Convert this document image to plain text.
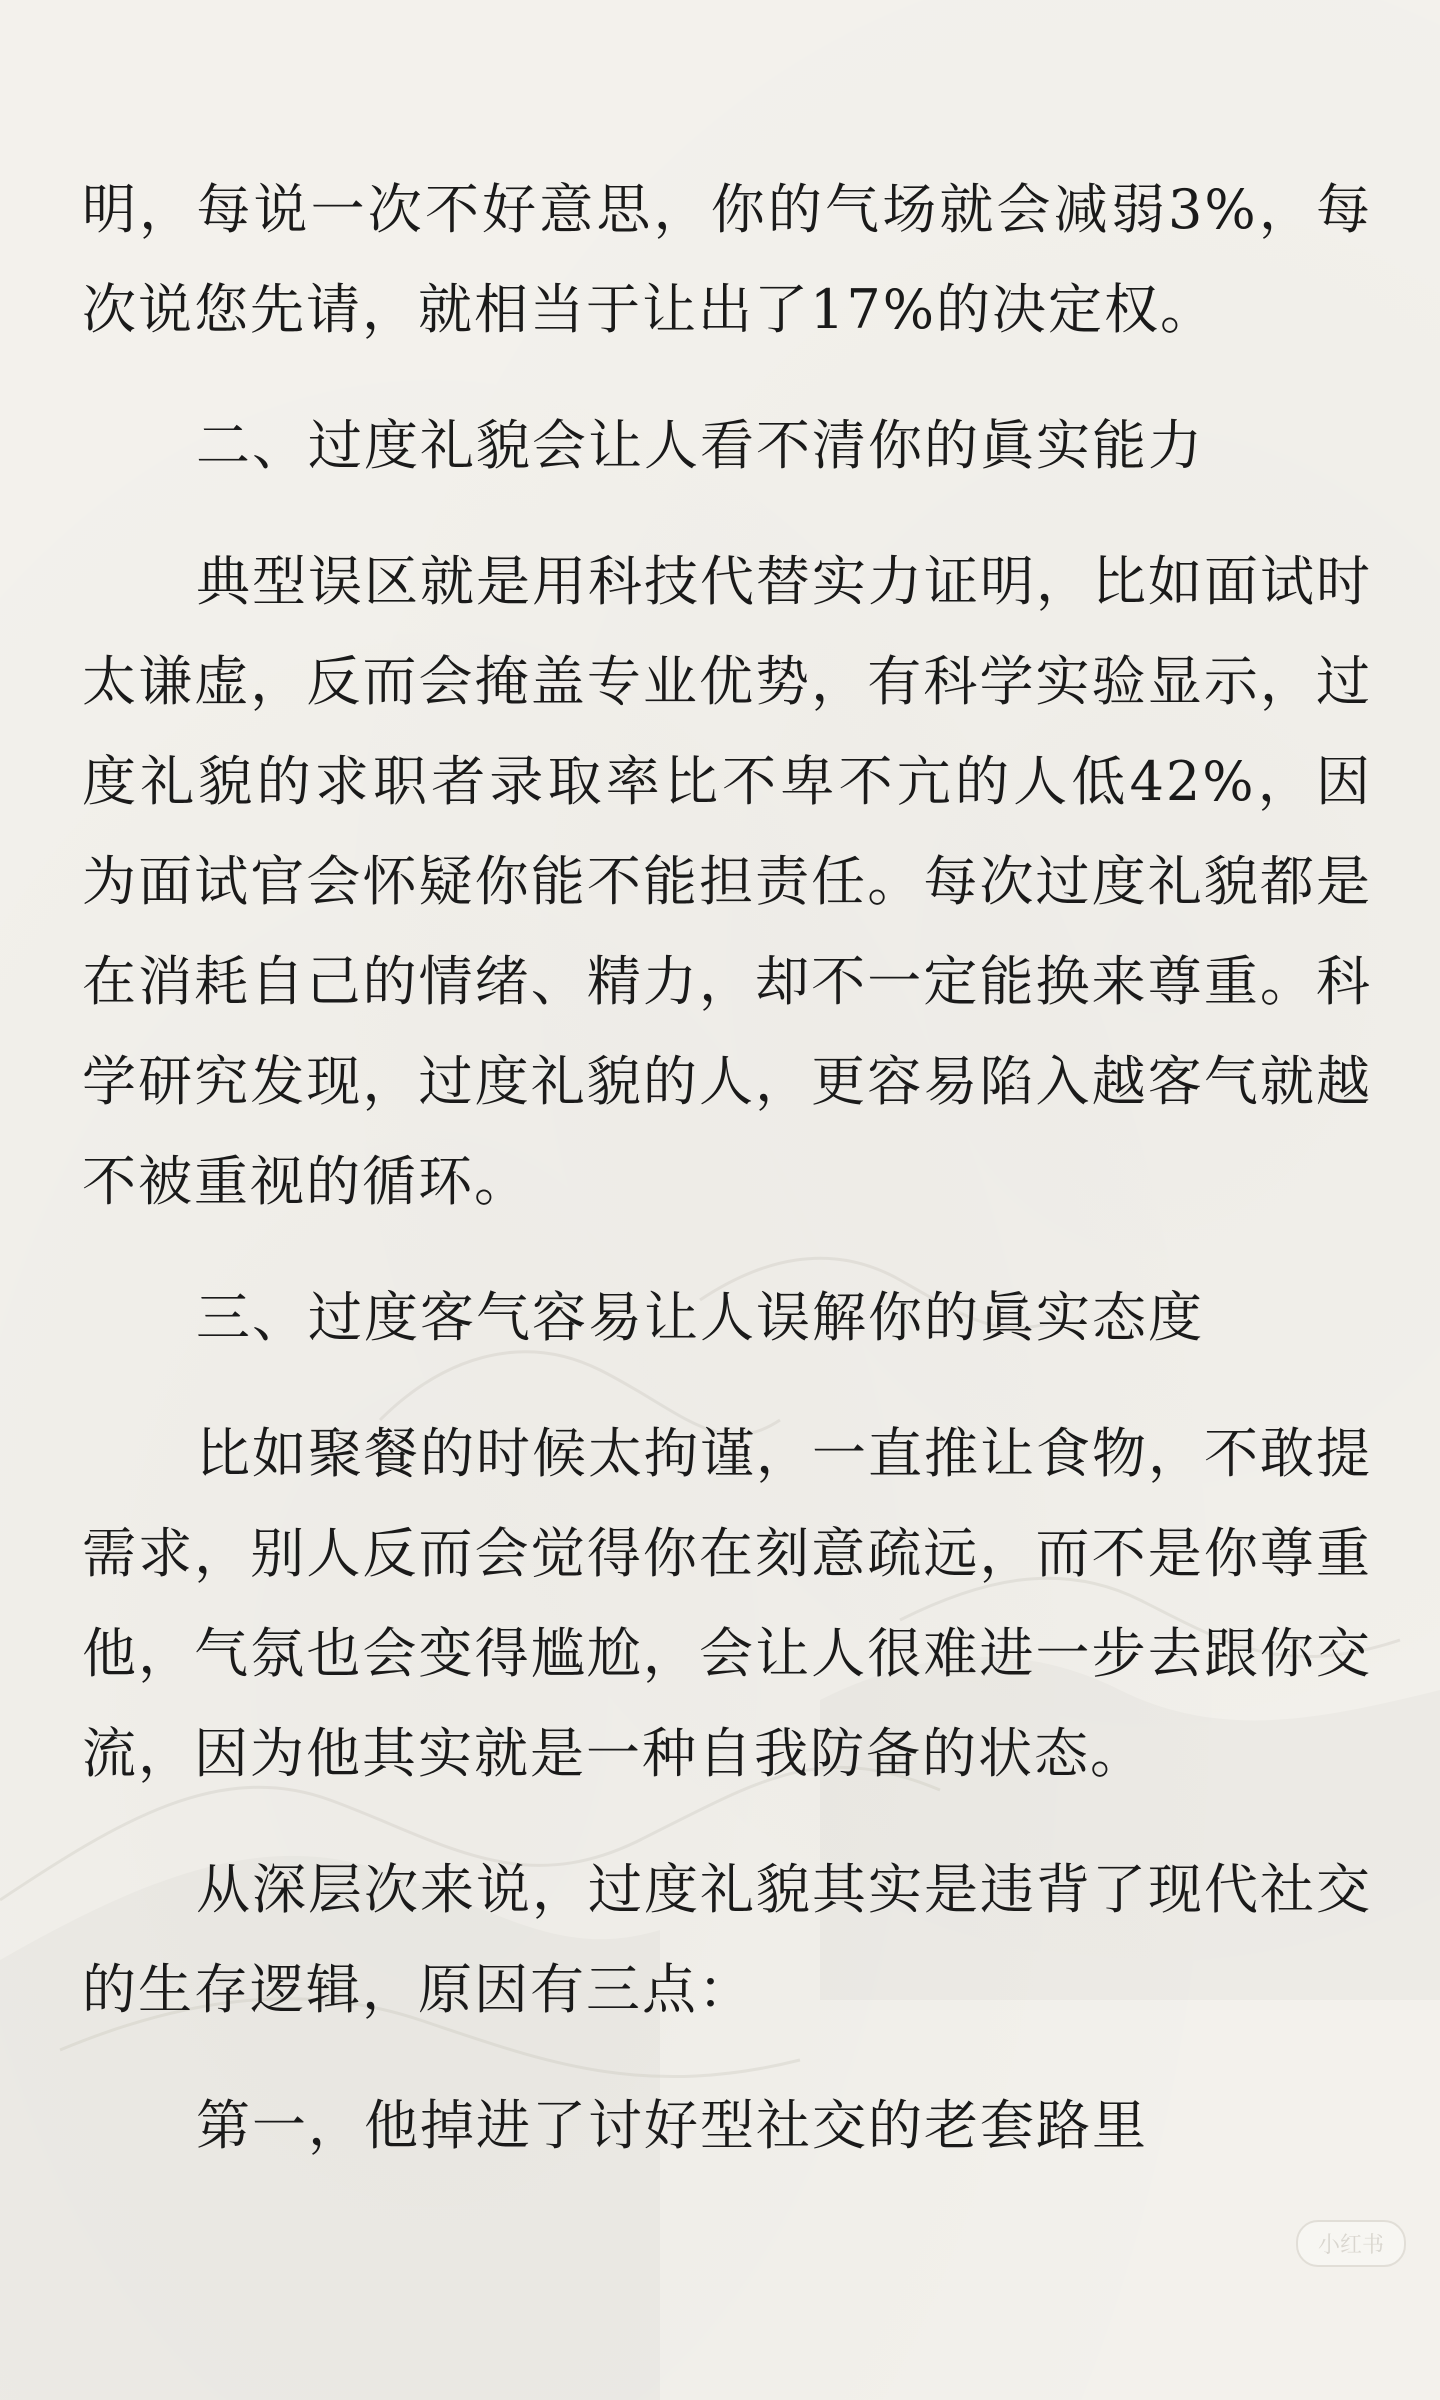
明，每说一次不好意思，你的气场就会减弱3%，每次说您先请，就相当于让出了17%的决定权。

二、过度礼貌会让人看不清你的眞实能力

典型误区就是用科技代替实力证明，比如面试时太谦虚，反而会掩盖专业优势，有科学实验显示，过度礼貌的求职者录取率比不卑不亢的人低42%，因为面试官会怀疑你能不能担责任。每次过度礼貌都是在消耗自己的情绪、精力，却不一定能换来尊重。科学研究发现，过度礼貌的人，更容易陷入越客气就越不被重视的循环。

三、过度客气容易让人误解你的眞实态度

比如聚餐的时候太拘谨，一直推让食物，不敢提需求，别人反而会觉得你在刻意疏远，而不是你尊重他，气氛也会变得尴尬，会让人很难进一步去跟你交流，因为他其实就是一种自我防备的状态。

从深层次来说，过度礼貌其实是违背了现代社交的生存逻辑，原因有三点：

第一，他掉进了讨好型社交的老套路里

小红书
